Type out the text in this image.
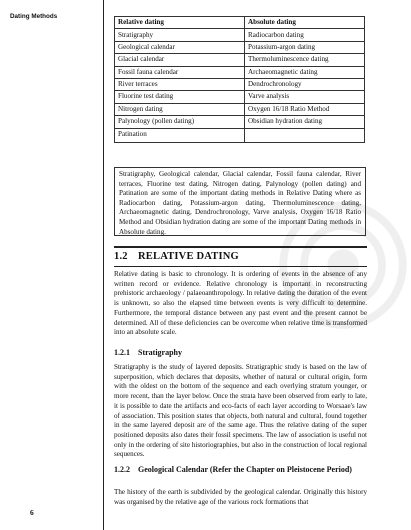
Dating Methods
6
Relative dating	Absolute dating
Stratigraphy	Radiocarbon dating
Geological calendar	Potassium-argon dating
Glacial calendar	Thermoluminescence dating
Fossil fauna calendar	Archaeomagnetic dating
River terraces	Dendrochronology
Fluorine test dating	Varve analysis
Nitrogen dating	Oxygen 16/18 Ratio Method
Palynology (pollen dating)	Obsidian hydration dating
Patination	
Stratigraphy, Geological calendar, Glacial calendar, Fossil fauna calendar, River terraces, Fluorine test dating, Nitrogen dating, Palynology (pollen dating) and Patination are some of the important dating methods in Relative Dating where as Radiocarbon dating, Potassium-argon dating, Thermoluminescence dating, Archaeomagnetic dating, Dendrochronology, Varve analysis, Oxygen 16/18 Ratio Method and Obsidian hydration dating are some of the important Dating methods in Absolute dating.
1.2 RELATIVE DATING
Relative dating is basic to chronology. It is ordering of events in the absence of any written record or evidence. Relative chronology is important in reconstructing prehistoric archaeology / palaeoanthropology. In relative dating the duration of the event is unknown, so also the elapsed time between events is very difficult to determine. Furthermore, the temporal distance between any past event and the present cannot be determined. All of these deficiencies can be overcome when relative time is transformed into an absolute scale.
1.2.1 Stratigraphy
Stratigraphy is the study of layered deposits. Stratigraphic study is based on the law of superposition, which declares that deposits, whether of natural or cultural origin, form with the oldest on the bottom of the sequence and each overlying stratum younger, or more recent, than the layer below. Once the strata have been observed from early to late, it is possible to date the artifacts and eco-facts of each layer according to Worsaae's law of association. This position states that objects, both natural and cultural, found together in the same layered deposit are of the same age. Thus the relative dating of the super positioned deposits also dates their fossil specimens. The law of association is useful not only in the ordering of site historiographies, but also in the construction of local regional sequences.
1.2.2 Geological Calendar (Refer the Chapter on Pleistocene Period)
The history of the earth is subdivided by the geological calendar. Originally this history was organised by the relative age of the various rock formations that
